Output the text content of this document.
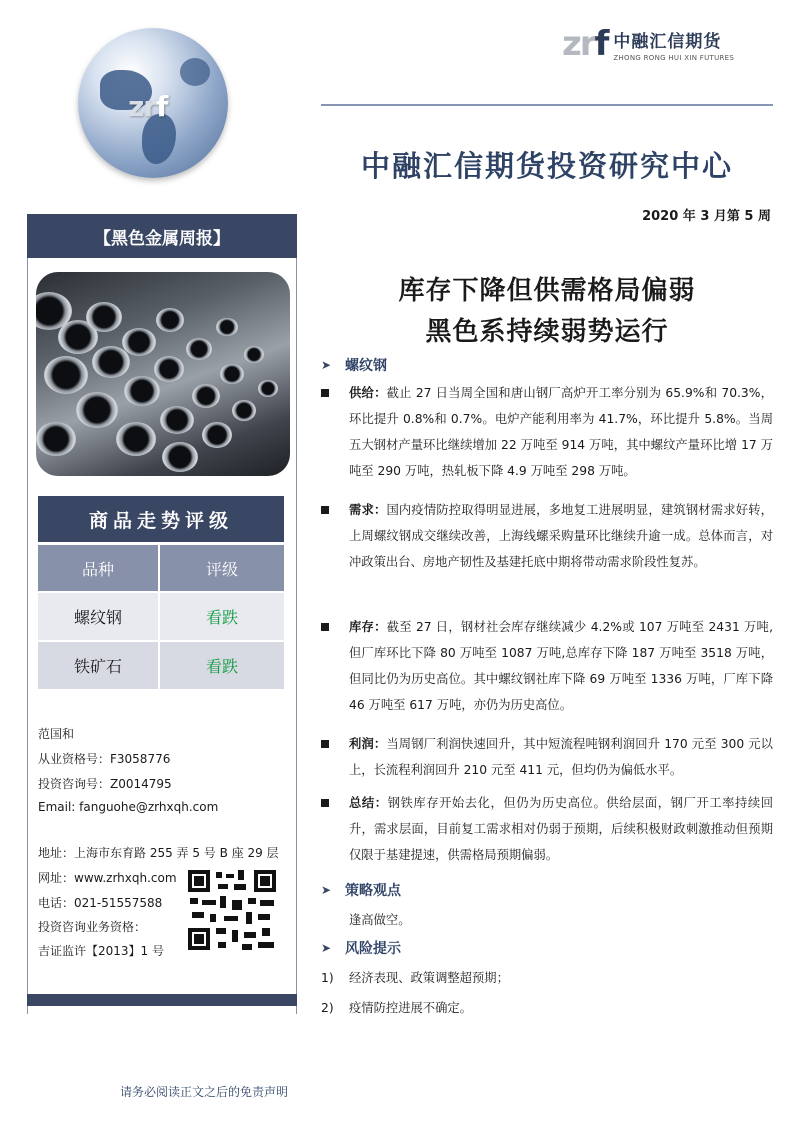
zrf
zrf 中融汇信期货
ZHONG RONG HUI XIN FUTURES
中融汇信期货投资研究中心
2020 年 3 月第 5 周
【黑色金属周报】
商品走势评级
品种	评级
螺纹钢	看跌
铁矿石	看跌
范国和
从业资格号：F3058776
投资咨询号：Z0014795
Email: fanguohe@zrhxqh.com
地址：上海市东育路 255 弄 5 号 B 座 29 层
网址：www.zrhxqh.com
电话：021-51557588
投资咨询业务资格：
吉证监许【2013】1 号
库存下降但供需格局偏弱
黑色系持续弱势运行
➤ 螺纹钢
供给：截止 27 日当周全国和唐山钢厂高炉开工率分别为 65.9%和 70.3%，环比提升 0.8%和 0.7%。电炉产能利用率为 41.7%，环比提升 5.8%。当周五大钢材产量环比继续增加 22 万吨至 914 万吨，其中螺纹产量环比增 17 万吨至 290 万吨，热轧板下降 4.9 万吨至 298 万吨。
需求：国内疫情防控取得明显进展，多地复工进展明显，建筑钢材需求好转，上周螺纹钢成交继续改善，上海线螺采购量环比继续升逾一成。总体而言，对冲政策出台、房地产韧性及基建托底中期将带动需求阶段性复苏。
库存：截至 27 日，钢材社会库存继续减少 4.2%或 107 万吨至 2431 万吨,但厂库环比下降 80 万吨至 1087 万吨,总库存下降 187 万吨至 3518 万吨，但同比仍为历史高位。其中螺纹钢社库下降 69 万吨至 1336 万吨，厂库下降 46 万吨至 617 万吨，亦仍为历史高位。
利润：当周钢厂利润快速回升，其中短流程吨钢利润回升 170 元至 300 元以上，长流程利润回升 210 元至 411 元，但均仍为偏低水平。
总结：钢铁库存开始去化，但仍为历史高位。供给层面，钢厂开工率持续回升，需求层面，目前复工需求相对仍弱于预期，后续积极财政刺激推动但预期仅限于基建提速，供需格局预期偏弱。
➤ 策略观点
逢高做空。
➤ 风险提示
1) 经济表现、政策调整超预期；
2) 疫情防控进展不确定。
请务必阅读正文之后的免责声明
